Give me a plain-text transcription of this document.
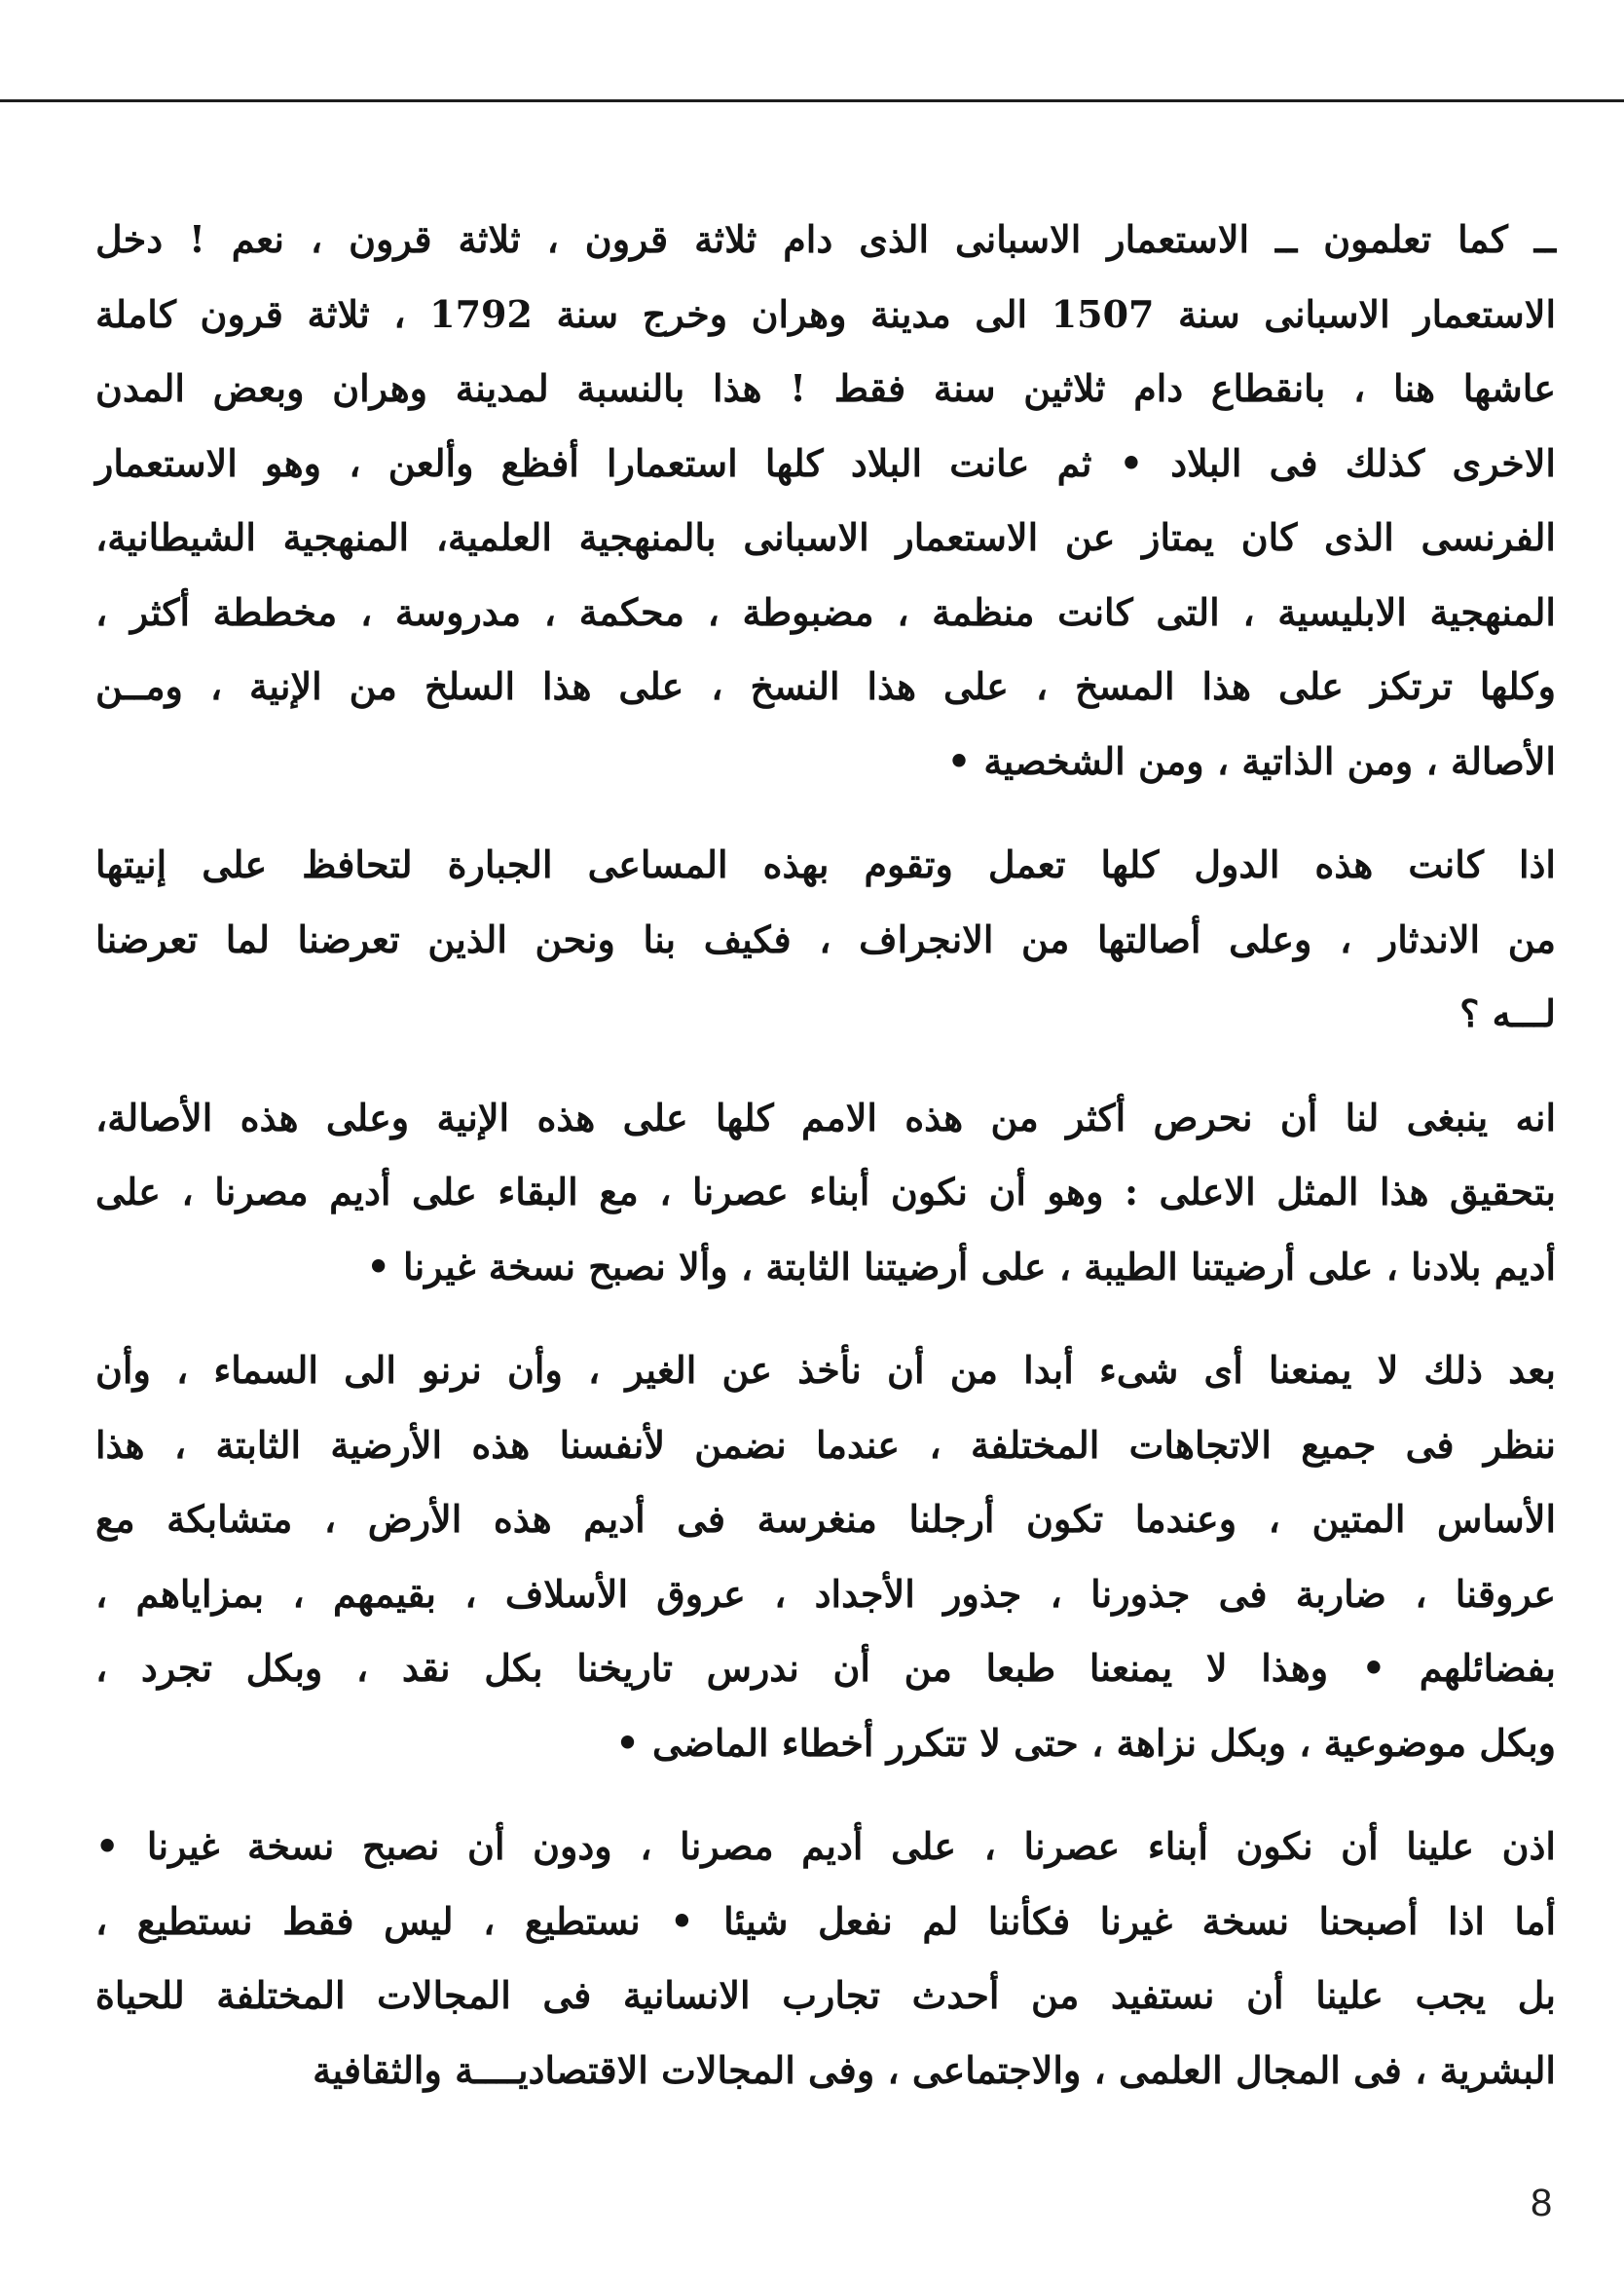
ــ كما تعلمون ــ الاستعمار الاسبانى الذى دام ثلاثة قرون ، ثلاثة قرون ، نعم ! دخل
الاستعمار الاسبانى سنة 1507 الى مدينة وهران وخرج سنة 1792 ، ثلاثة قرون كاملة
عاشها هنا ، بانقطاع دام ثلاثين سنة فقط ! هذا بالنسبة لمدينة وهران وبعض المدن
الاخرى كذلك فى البلاد • ثم عانت البلاد كلها استعمارا أفظع وألعن ، وهو الاستعمار
الفرنسى الذى كان يمتاز عن الاستعمار الاسبانى بالمنهجية العلمية، المنهجية الشيطانية،
المنهجية الابليسية ، التى كانت منظمة ، مضبوطة ، محكمة ، مدروسة ، مخططة أكثر ،
وكلها ترتكز على هذا المسخ ، على هذا النسخ ، على هذا السلخ من الإنية ، ومــن
الأصالة ، ومن الذاتية ، ومن الشخصية •
اذا كانت هذه الدول كلها تعمل وتقوم بهذه المساعى الجبارة لتحافظ على إنيتها
من الاندثار ، وعلى أصالتها من الانجراف ، فكيف بنا ونحن الذين تعرضنا لما تعرضنا
لـــه ؟
انه ينبغى لنا أن نحرص أكثر من هذه الامم كلها على هذه الإنية وعلى هذه الأصالة،
بتحقيق هذا المثل الاعلى : وهو أن نكون أبناء عصرنا ، مع البقاء على أديم مصرنا ، على
أديم بلادنا ، على أرضيتنا الطيبة ، على أرضيتنا الثابتة ، وألا نصبح نسخة غيرنا •
بعد ذلك لا يمنعنا أى شىء أبدا من أن نأخذ عن الغير ، وأن نرنو الى السماء ، وأن
ننظر فى جميع الاتجاهات المختلفة ، عندما نضمن لأنفسنا هذه الأرضية الثابتة ، هذا
الأساس المتين ، وعندما تكون أرجلنا منغرسة فى أديم هذه الأرض ، متشابكة مع
عروقنا ، ضاربة فى جذورنا ، جذور الأجداد ، عروق الأسلاف ، بقيمهم ، بمزاياهم ،
بفضائلهم • وهذا لا يمنعنا طبعا من أن ندرس تاريخنا بكل نقد ، وبكل تجرد ،
وبكل موضوعية ، وبكل نزاهة ، حتى لا تتكرر أخطاء الماضى •
اذن علينا أن نكون أبناء عصرنا ، على أديم مصرنا ، ودون أن نصبح نسخة غيرنا •
أما اذا أصبحنا نسخة غيرنا فكأننا لم نفعل شيئا • نستطيع ، ليس فقط نستطيع ،
بل يجب علينا أن نستفيد من أحدث تجارب الانسانية فى المجالات المختلفة للحياة
البشرية ، فى المجال العلمى ، والاجتماعى ، وفى المجالات الاقتصاديــــة والثقافية
8
